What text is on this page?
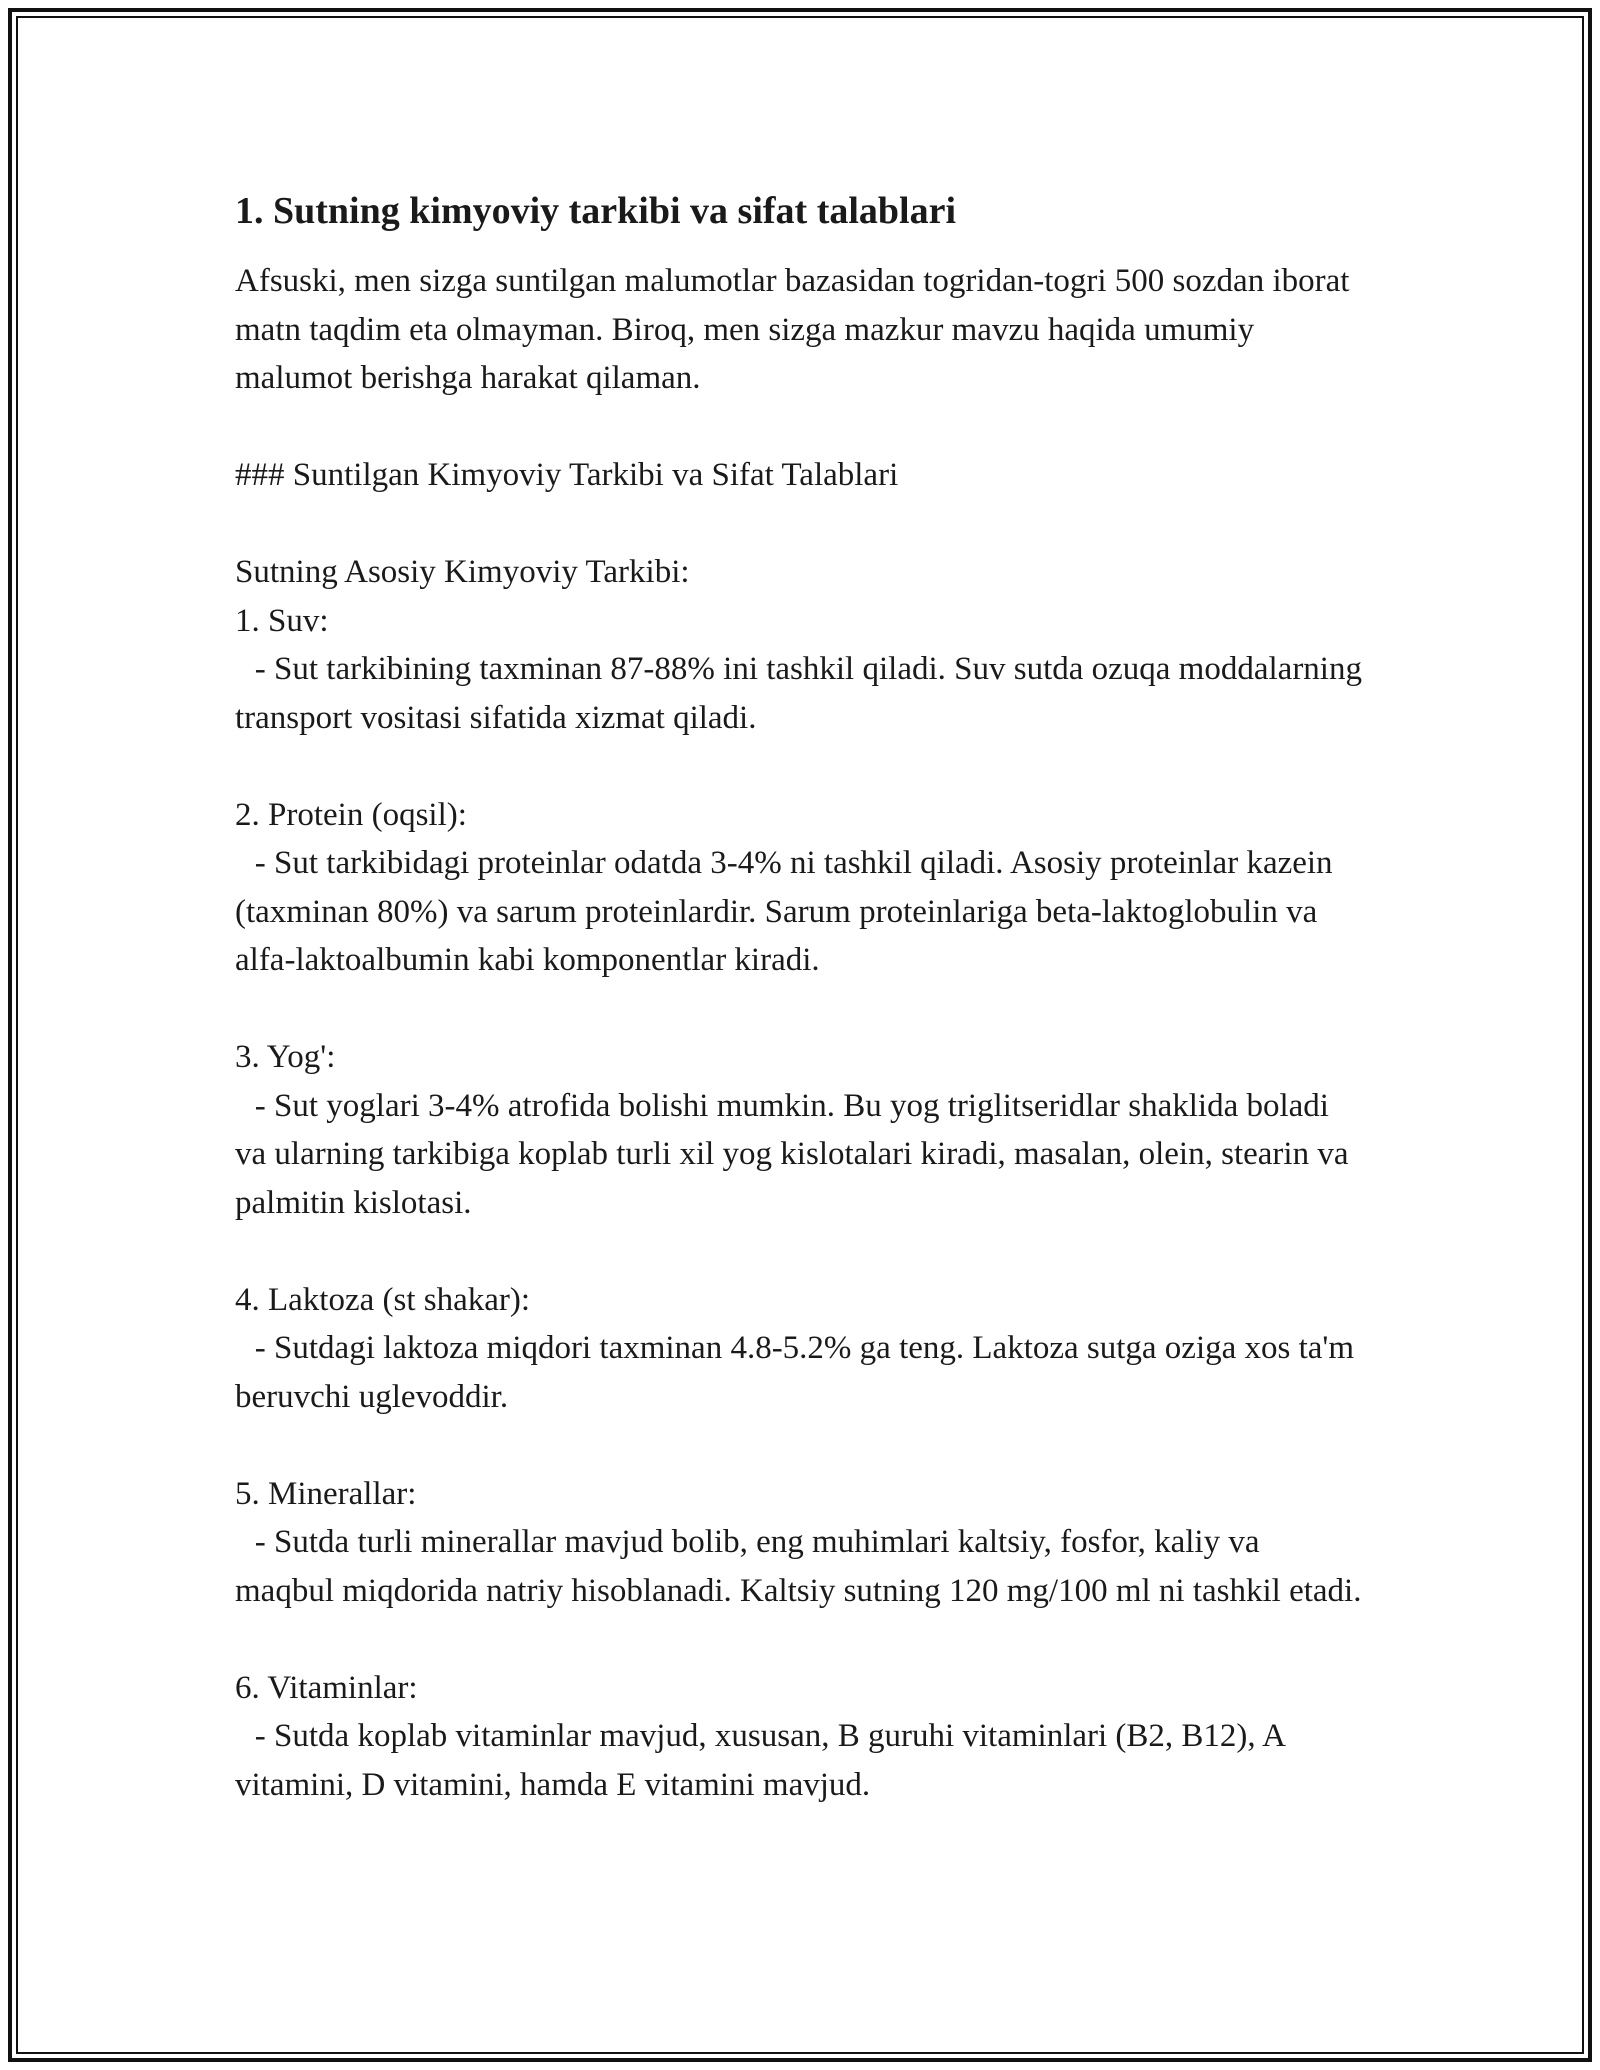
1. Sutning kimyoviy tarkibi va sifat talablari

Afsuski, men sizga suntilgan malumotlar bazasidan togridan-togri 500 sozdan iborat matn taqdim eta olmayman. Biroq, men sizga mazkur mavzu haqida umumiy malumot berishga harakat qilaman.

### Suntilgan Kimyoviy Tarkibi va Sifat Talablari

Sutning Asosiy Kimyoviy Tarkibi:

1. Suv:

- Sut tarkibining taxminan 87-88% ini tashkil qiladi. Suv sutda ozuqa moddalarning transport vositasi sifatida xizmat qiladi.

2. Protein (oqsil):

- Sut tarkibidagi proteinlar odatda 3-4% ni tashkil qiladi. Asosiy proteinlar kazein (taxminan 80%) va sarum proteinlardir. Sarum proteinlariga beta-laktoglobulin va alfa-laktoalbumin kabi komponentlar kiradi.

3. Yog':

- Sut yoglari 3-4% atrofida bolishi mumkin. Bu yog triglitseridlar shaklida boladi va ularning tarkibiga koplab turli xil yog kislotalari kiradi, masalan, olein, stearin va palmitin kislotasi.

4. Laktoza (st shakar):

- Sutdagi laktoza miqdori taxminan 4.8-5.2% ga teng. Laktoza sutga oziga xos ta'm beruvchi uglevoddir.

5. Minerallar:

- Sutda turli minerallar mavjud bolib, eng muhimlari kaltsiy, fosfor, kaliy va maqbul miqdorida natriy hisoblanadi. Kaltsiy sutning 120 mg/100 ml ni tashkil etadi.

6. Vitaminlar:

- Sutda koplab vitaminlar mavjud, xususan, B guruhi vitaminlari (B2, B12), A vitamini, D vitamini, hamda E vitamini mavjud.
